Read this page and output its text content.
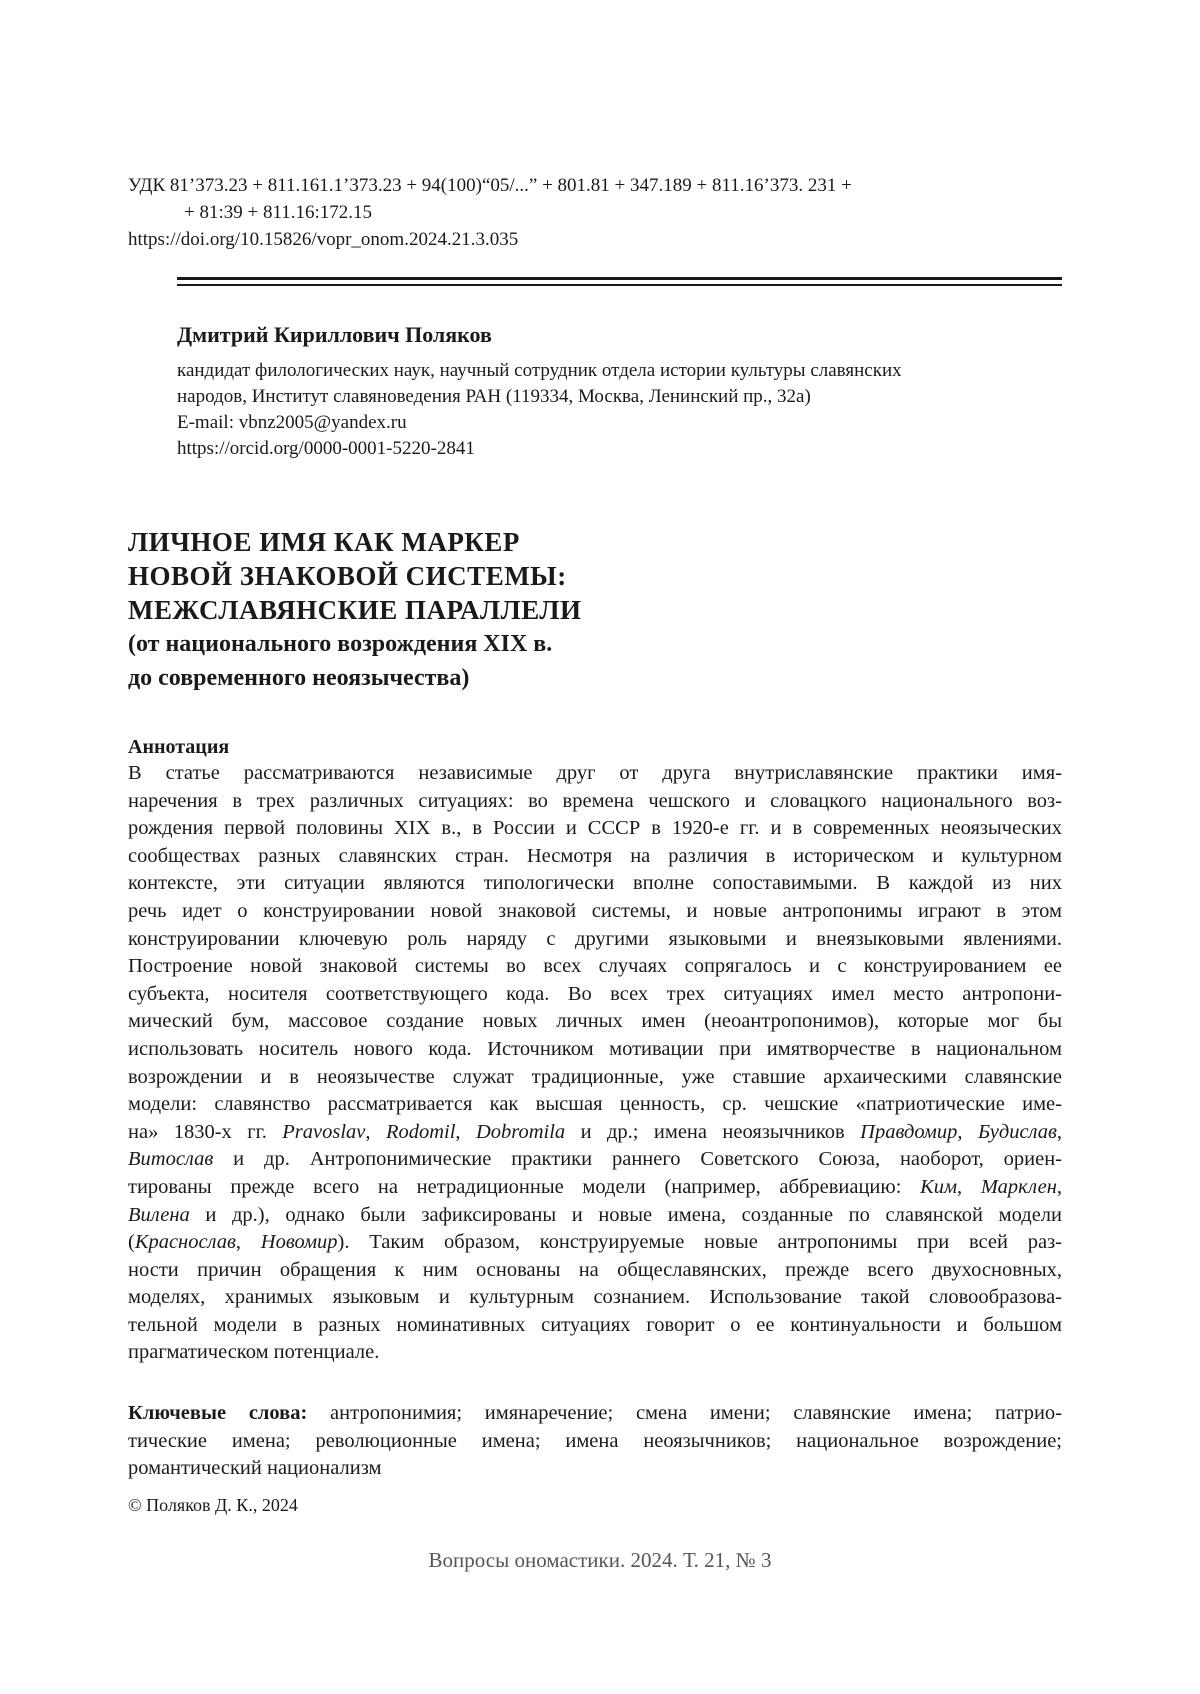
УДК 81’373.23 + 811.161.1’373.23 + 94(100)“05/...” + 801.81 + 347.189 + 811.16’373. 231 +
+ 81:39 + 811.16:172.15
https://doi.org/10.15826/vopr_onom.2024.21.3.035
Дмитрий Кириллович Поляков
кандидат филологических наук, научный сотрудник отдела истории культуры славянских
народов, Институт славяноведения РАН (119334, Москва, Ленинский пр., 32а)
E-mail: vbnz2005@yandex.ru
https://orcid.org/0000-0001-5220-2841
ЛИЧНОЕ ИМЯ КАК МАРКЕР
НОВОЙ ЗНАКОВОЙ СИСТЕМЫ:
МЕЖСЛАВЯНСКИЕ ПАРАЛЛЕЛИ
(от национального возрождения XIX в.
до современного неоязычества)
Аннотация
В статье рассматриваются независимые друг от друга внутриславянские практики имя-
наречения в трех различных ситуациях: во времена чешского и словацкого национального воз-
рождения первой половины XIX в., в России и СССР в 1920-е гг. и в современных неоязыческих
сообществах разных славянских стран. Несмотря на различия в историческом и культурном
контексте, эти ситуации являются типологически вполне сопоставимыми. В каждой из них
речь идет о конструировании новой знаковой системы, и новые антропонимы играют в этом
конструировании ключевую роль наряду с другими языковыми и внеязыковыми явлениями.
Построение новой знаковой системы во всех случаях сопрягалось и с конструированием ее
субъекта, носителя соответствующего кода. Во всех трех ситуациях имел место антропони-
мический бум, массовое создание новых личных имен (неоантропонимов), которые мог бы
использовать носитель нового кода. Источником мотивации при имятворчестве в национальном
возрождении и в неоязычестве служат традиционные, уже ставшие архаическими славянские
модели: славянство рассматривается как высшая ценность, ср. чешские «патриотические име-
на» 1830-х гг. Pravoslav, Rodomil, Dobromila и др.; имена неоязычников Правдомир, Будислав,
Витослав и др. Антропонимические практики раннего Советского Союза, наоборот, ориен-
тированы прежде всего на нетрадиционные модели (например, аббревиацию: Ким, Марклен,
Вилена и др.), однако были зафиксированы и новые имена, созданные по славянской модели
(Краснослав, Новомир). Таким образом, конструируемые новые антропонимы при всей раз-
ности причин обращения к ним основаны на общеславянских, прежде всего двухосновных,
моделях, хранимых языковым и культурным сознанием. Использование такой словообразова-
тельной модели в разных номинативных ситуациях говорит о ее континуальности и большом
прагматическом потенциале.
Ключевые слова: антропонимия; имянаречение; смена имени; славянские имена; патрио-
тические имена; революционные имена; имена неоязычников; национальное возрождение;
романтический национализм
© Поляков Д. К., 2024
Вопросы ономастики. 2024. Т. 21, № 3
